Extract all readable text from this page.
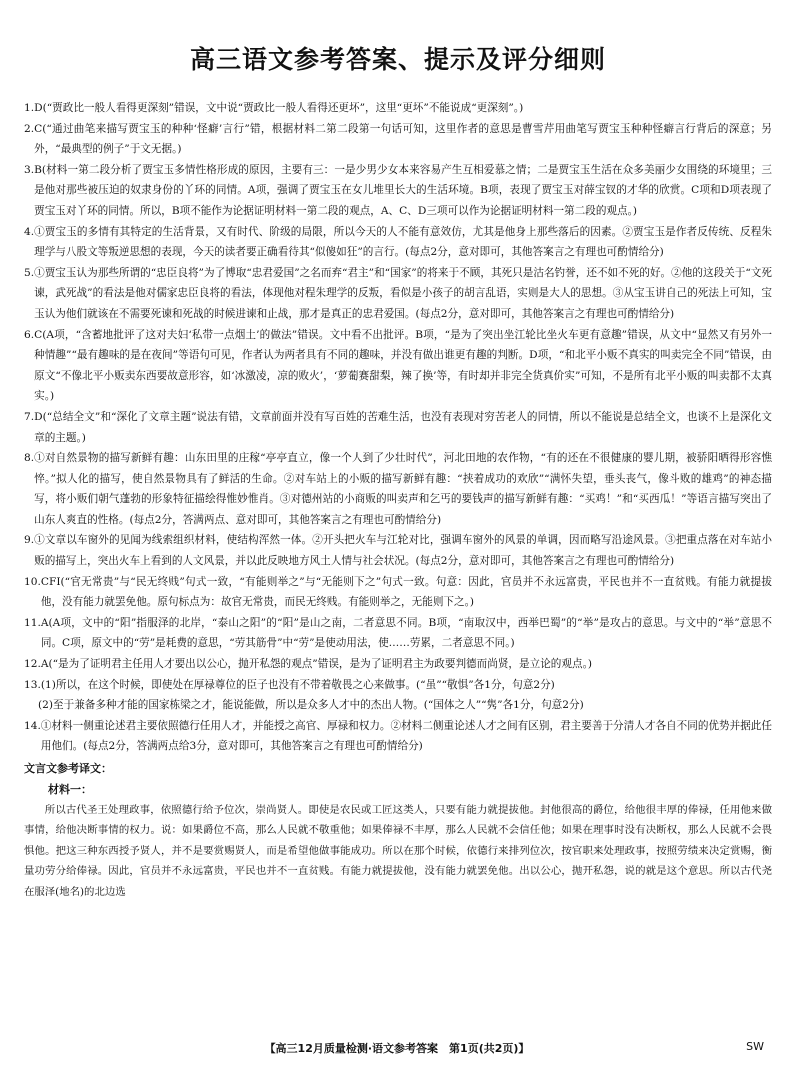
高三语文参考答案、提示及评分细则
1. D(“贾政比一般人看得更深刻”错误，文中说“贾政比一般人看得还更坏”，这里“更坏”不能说成“更深刻”。)
2. C(“通过曲笔来描写贾宝玉的种种‘怪癖’言行”错，根据材料二第二段第一句话可知，这里作者的意思是曹雪芹用曲笔写贾宝玉种种怪癖言行背后的深意；另外，“最典型的例子”于文无据。)
3. B(材料一第二段分析了贾宝玉多情性格形成的原因，主要有三：一是少男少女本来容易产生互相爱慕之情；二是贾宝玉生活在众多美丽少女围绕的环境里；三是他对那些被压迫的奴隶身份的丫环的同情。A项，强调了贾宝玉在女儿堆里长大的生活环境。B项，表现了贾宝玉对薛宝钗的才华的欣赏。C项和D项表现了贾宝玉对丫环的同情。所以，B项不能作为论据证明材料一第二段的观点，A、C、D三项可以作为论据证明材料一第二段的观点。)
4. ①贾宝玉的多情有其特定的生活背景，又有时代、阶级的局限，所以今天的人不能有意效仿，尤其是他身上那些落后的因素。②贾宝玉是作者反传统、反程朱理学与八股文等叛逆思想的表现，今天的读者要正确看待其“似傻如狂”的言行。(每点2分，意对即可，其他答案言之有理也可酌情给分)
5. ①贾宝玉认为那些所谓的“忠臣良将”为了博取“忠君爱国”之名而弃“君主”和“国家”的将来于不顾，其死只是沽名钓誉，还不如不死的好。②他的这段关于“文死谏，武死战”的看法是他对儒家忠臣良将的看法，体现他对程朱理学的反叛，看似是小孩子的胡言乱语，实则是大人的思想。③从宝玉讲自己的死法上可知，宝玉认为他们就该在不需要死谏和死战的时候进谏和止战，那才是真正的忠君爱国。(每点2分，意对即可，其他答案言之有理也可酌情给分)
6. C(A项，“含蓄地批评了这对夫妇‘私带一点烟土’的做法”错误。文中看不出批评。B项，“是为了突出坐江轮比坐火车更有意趣”错误，从文中“显然又有另外一种情趣”“最有趣味的是在夜间”等语句可见，作者认为两者具有不同的趣味，并没有做出谁更有趣的判断。D项，“和北平小贩不真实的叫卖完全不同”错误，由原文“不像北平小贩卖东西要故意形容，如‘冰激凌，凉的败火’，‘萝葡赛甜梨，辣了换’等，有时却并非完全货真价实”可知，不是所有北平小贩的叫卖都不太真实。)
7. D(“总结全文”和“深化了文章主题”说法有错，文章前面并没有写百姓的苦难生活，也没有表现对穷苦老人的同情，所以不能说是总结全文，也谈不上是深化文章的主题。)
8. ①对自然景物的描写新鲜有趣：山东田里的庄稼“亭亭直立，像一个人到了少壮时代”，河北田地的农作物，“有的还在不很健康的婴儿期，被骄阳晒得形容憔悴。”拟人化的描写，使自然景物具有了鲜活的生命。②对车站上的小贩的描写新鲜有趣：“挟着成功的欢欣”“满怀失望，垂头丧气，像斗败的雄鸡”的神态描写，将小贩们朝气蓬勃的形象特征描绘得惟妙惟肖。③对德州站的小商贩的叫卖声和乞丐的要钱声的描写新鲜有趣：“买鸡！”和“买西瓜！”等语言描写突出了山东人爽直的性格。(每点2分，答满两点、意对即可，其他答案言之有理也可酌情给分)
9. ①文章以车窗外的见闻为线索组织材料，使结构浑然一体。②开头把火车与江轮对比，强调车窗外的风景的单调，因而略写沿途风景。③把重点落在对车站小贩的描写上，突出火车上看到的人文风景，并以此反映地方风土人情与社会状况。(每点2分，意对即可，其他答案言之有理也可酌情给分)
10. CFI(“官无常贵”与“民无终贱”句式一致，“有能则举之”与“无能则下之”句式一致。句意：因此，官员并不永远富贵，平民也并不一直贫贱。有能力就提拔他，没有能力就罢免他。原句标点为：故官无常贵，而民无终贱。有能则举之，无能则下之。)
11. A(A项，文中的“阳”指服泽的北岸，“泰山之阳”的“阳”是山之南，二者意思不同。B项，“南取汉中，西举巴蜀”的“举”是攻占的意思。与文中的“举”意思不同。C项，原文中的“劳”是耗费的意思，“劳其筋骨”中“劳”是使动用法，使……劳累，二者意思不同。)
12. A(“是为了证明君主任用人才要出以公心，抛开私怨的观点”错误，是为了证明君主为政要判德而尚贤，是立论的观点。)
13. (1)所以，在这个时候，即使处在厚禄尊位的臣子也没有不带着敬畏之心来做事。(“虽”“敬惧”各1分，句意2分)
(2)至于兼备多种才能的国家栋梁之才，能说能做，所以是众多人才中的杰出人物。(“国体之人”“隽”各1分，句意2分)
14. ①材料一侧重论述君主要依照德行任用人才，并能授之高官、厚禄和权力。②材料二侧重论述人才之间有区别，君主要善于分清人才各自不同的优势并据此任用他们。(每点2分，答满两点给3分，意对即可，其他答案言之有理也可酌情给分)
文言文参考译文：
材料一：

所以古代圣王处理政事，依照德行给予位次，崇尚贤人。即使是农民或工匠这类人，只要有能力就提拔他。封他很高的爵位，给他很丰厚的俸禄，任用他来做事情，给他决断事情的权力。说：如果爵位不高，那么人民就不敬重他；如果俸禄不丰厚，那么人民就不会信任他；如果在理事时没有决断权，那么人民就不会畏惧他。把这三种东西授予贤人，并不是要赏赐贤人，而是希望他做事能成功。所以在那个时候，依德行来排列位次，按官职来处理政事，按照劳绩来决定赏赐，衡量功劳分给俸禄。因此，官员并不永远富贵，平民也并不一直贫贱。有能力就提拔他，没有能力就罢免他。出以公心，抛开私怨，说的就是这个意思。所以古代尧在服泽(地名)的北边选

【高三12月质量检测·语文参考答案　第1页(共2页)】	SW
